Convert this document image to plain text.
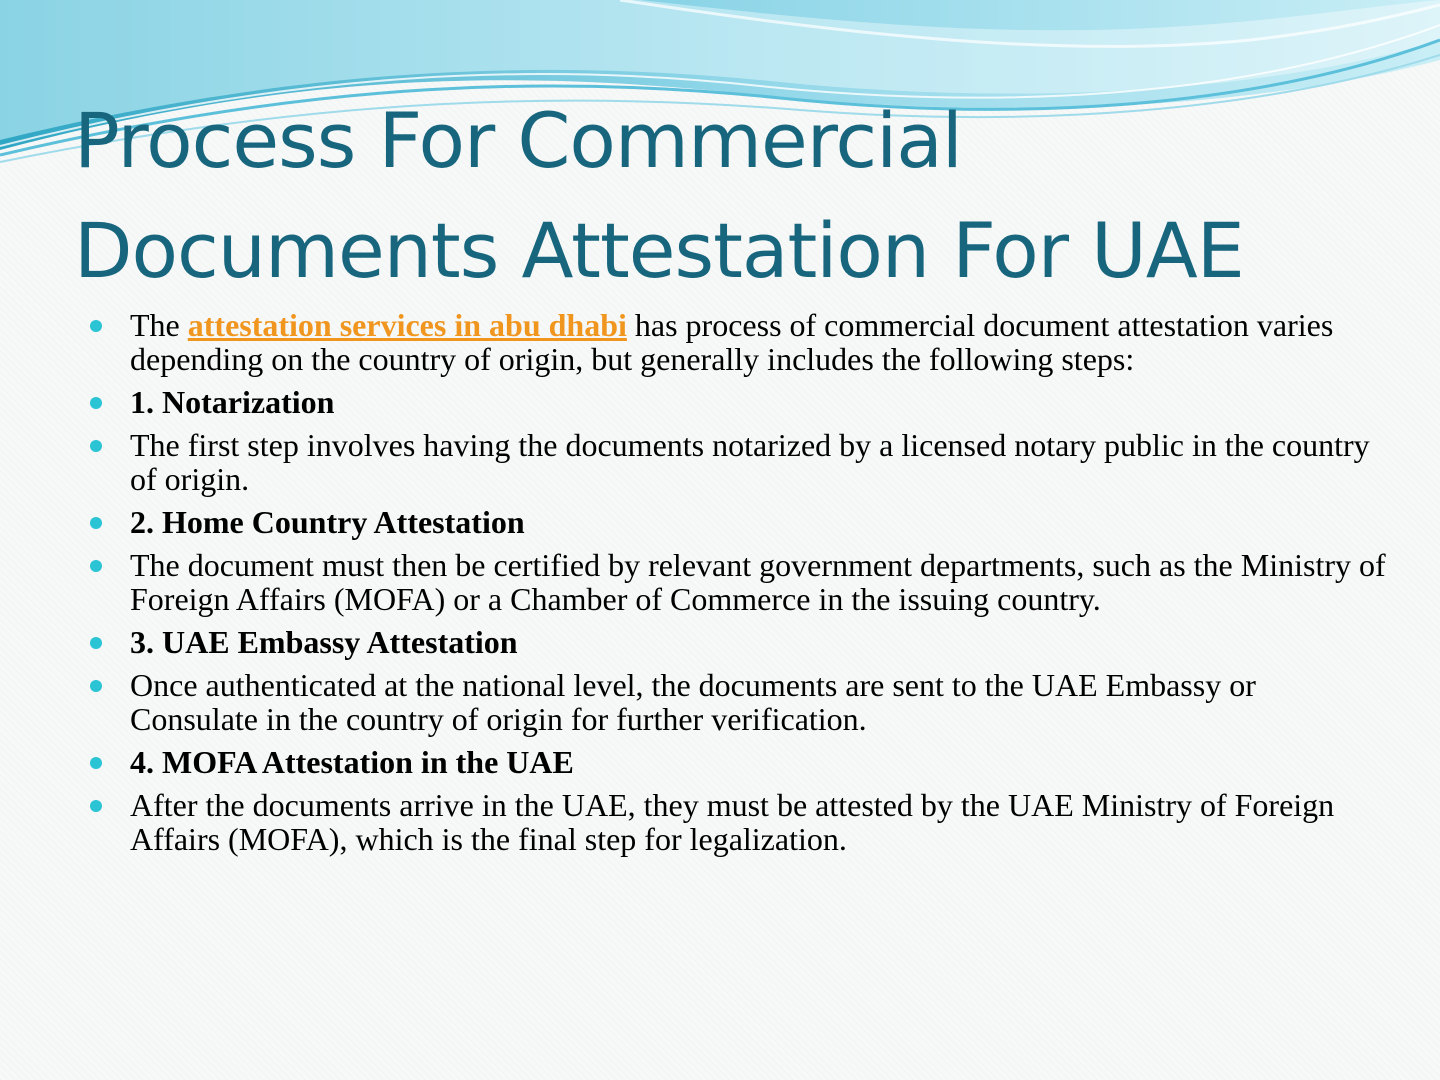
Process For Commercial
Documents Attestation For UAE
The attestation services in abu dhabi has process of commercial document attestation varies depending on the country of origin, but generally includes the following steps:
1. Notarization
The first step involves having the documents notarized by a licensed notary public in the country of origin.
2. Home Country Attestation
The document must then be certified by relevant government departments, such as the Ministry of Foreign Affairs (MOFA) or a Chamber of Commerce in the issuing country.
3. UAE Embassy Attestation
Once authenticated at the national level, the documents are sent to the UAE Embassy or Consulate in the country of origin for further verification.
4. MOFA Attestation in the UAE
After the documents arrive in the UAE, they must be attested by the UAE Ministry of Foreign Affairs (MOFA), which is the final step for legalization.
